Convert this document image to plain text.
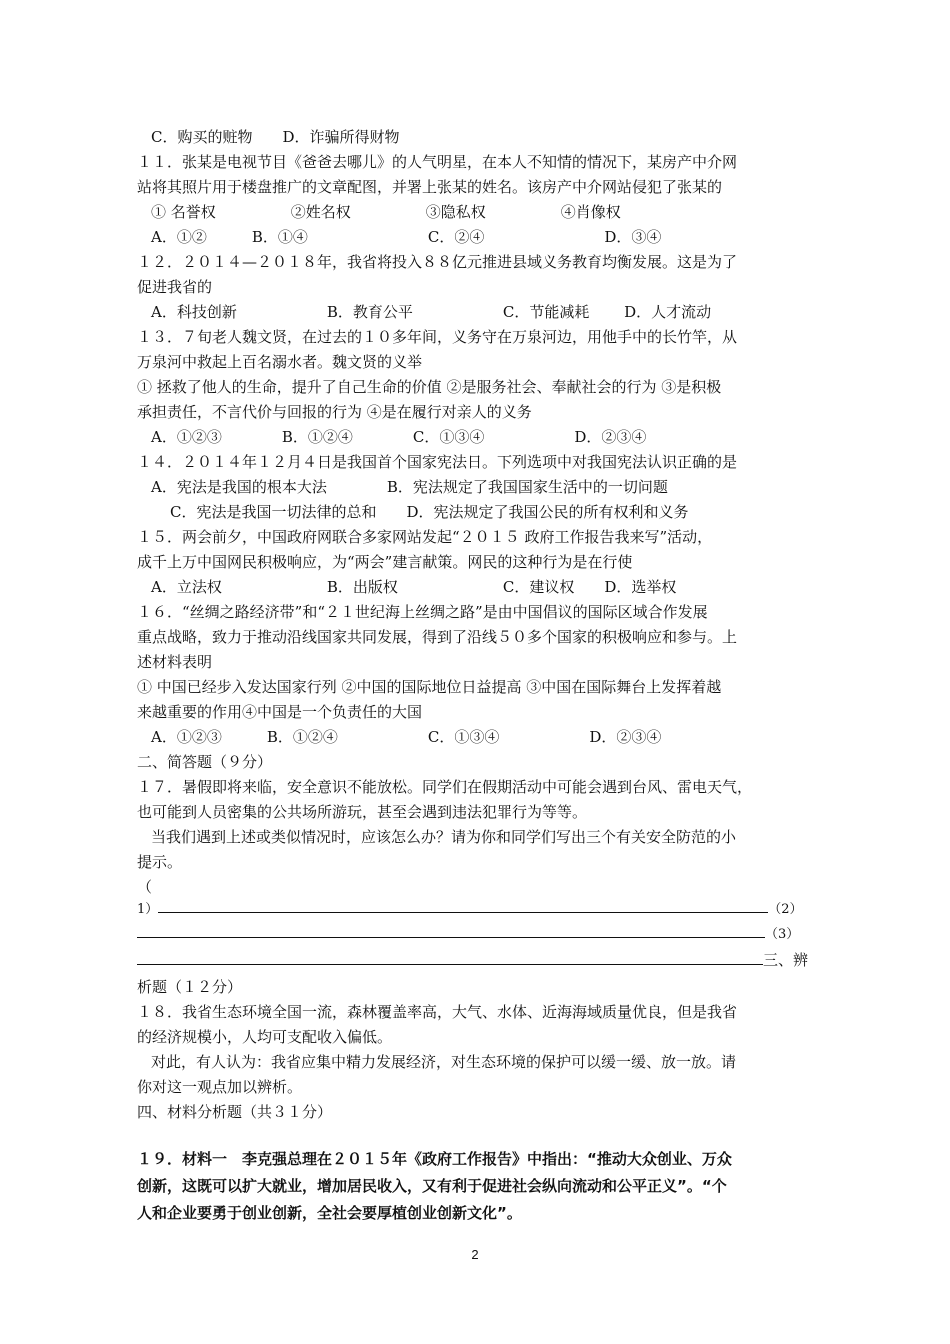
C．购买的赃物　　D．诈骗所得财物
１１．张某是电视节目《爸爸去哪儿》的人气明星，在本人不知情的情况下，某房产中介网
站将其照片用于楼盘推广的文章配图，并署上张某的姓名。该房产中介网站侵犯了张某的
① 名誉权　　　　　②姓名权　　　　　③隐私权　　　　　④肖像权
A．①②　　　B．①④　　　　　　　　C．②④　　　　　　　　D．③④
１２．２０１４—２０１８年，我省将投入８８亿元推进县域义务教育均衡发展。这是为了
促进我省的
A．科技创新　　　　　　B．教育公平　　　　　　C．节能减耗　　 D．人才流动
１３．７旬老人魏文贤，在过去的１０多年间，义务守在万泉河边，用他手中的长竹竿，从
万泉河中救起上百名溺水者。魏文贤的义举
① 拯救了他人的生命，提升了自己生命的价值 ②是服务社会、奉献社会的行为 ③是积极
承担责任，不言代价与回报的行为 ④是在履行对亲人的义务
A．①②③　　　　B．①②④　　　　C．①③④　　　　　　D．②③④
１４．２０１４年１２月４日是我国首个国家宪法日。下列选项中对我国宪法认识正确的是
A．宪法是我国的根本大法　　　　B．宪法规定了我国国家生活中的一切问题
C．宪法是我国一切法律的总和　　D．宪法规定了我国公民的所有权利和义务
１５．两会前夕，中国政府网联合多家网站发起“２０１５ 政府工作报告我来写”活动，
成千上万中国网民积极响应，为“两会”建言献策。网民的这种行为是在行使
A．立法权　　　　　　　B．出版权　　　　　　　C．建议权　　D．选举权
１６．“丝绸之路经济带”和“２１世纪海上丝绸之路”是由中国倡议的国际区域合作发展
重点战略，致力于推动沿线国家共同发展，得到了沿线５０多个国家的积极响应和参与。上
述材料表明
① 中国已经步入发达国家行列 ②中国的国际地位日益提高 ③中国在国际舞台上发挥着越
来越重要的作用④中国是一个负责任的大国
A．①②③　　　B．①②④　　　　　　C．①③④　　　　　　D．②③④
二、简答题（９分）
１７．暑假即将来临，安全意识不能放松。同学们在假期活动中可能会遇到台风、雷电天气，
也可能到人员密集的公共场所游玩，甚至会遇到违法犯罪行为等等。
当我们遇到上述或类似情况时，应该怎么办？请为你和同学们写出三个有关安全防范的小
提示。
（
1）	（2）
（3）
三、辨
析题（１２分）
１８．我省生态环境全国一流，森林覆盖率高，大气、水体、近海海域质量优良，但是我省
的经济规模小，人均可支配收入偏低。
对此，有人认为：我省应集中精力发展经济，对生态环境的保护可以缓一缓、放一放。请
你对这一观点加以辨析。
四、材料分析题（共３１分）
１９．材料一　李克强总理在２０１５年《政府工作报告》中指出：“推动大众创业、万众
创新，这既可以扩大就业，增加居民收入，又有利于促进社会纵向流动和公平正义”。“个
人和企业要勇于创业创新，全社会要厚植创业创新文化”。
2
